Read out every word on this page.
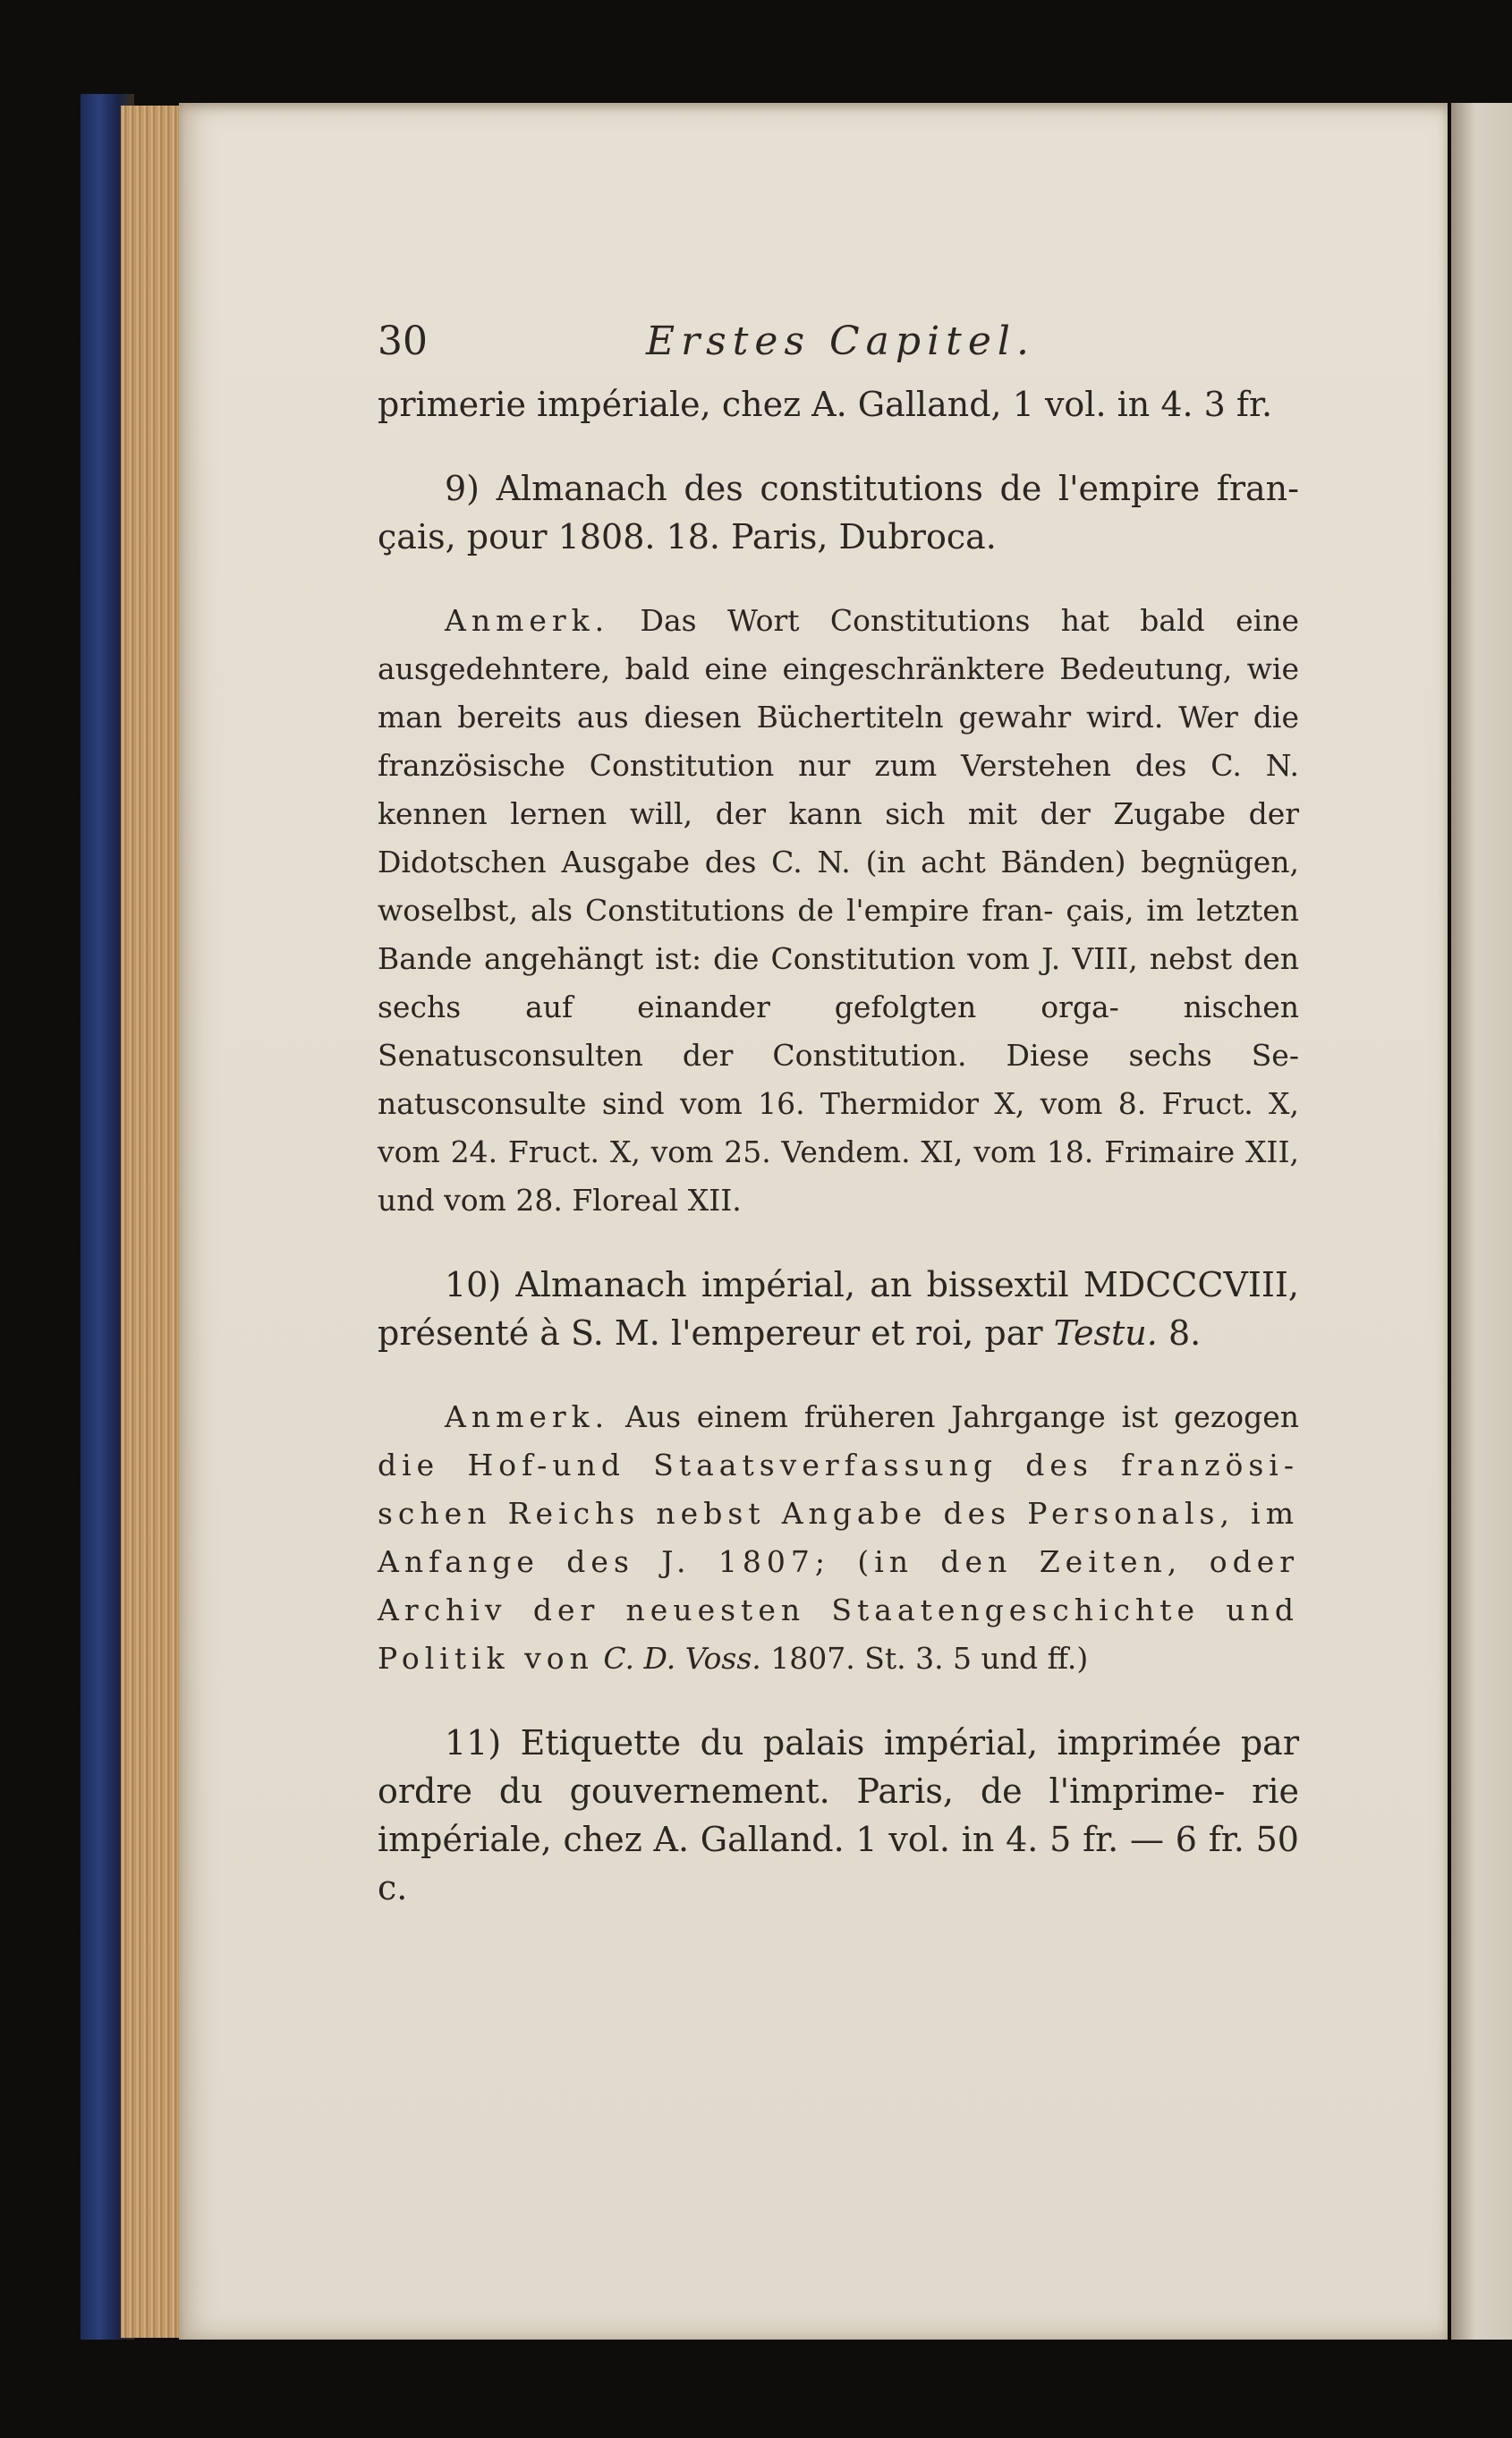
30	Erstes Capitel.

primerie impériale, chez A. Galland, 1 vol. in 4. 3 fr.

9) Almanach des constitutions de l'empire fran- çais, pour 1808. 18. Paris, Dubroca.

Anmerk. Das Wort Constitutions hat bald eine ausgedehntere, bald eine eingeschränktere Bedeutung, wie man bereits aus diesen Büchertiteln gewahr wird. Wer die französische Constitution nur zum Verstehen des C. N. kennen lernen will, der kann sich mit der Zugabe der Didotschen Ausgabe des C. N. (in acht Bänden) begnügen, woselbst, als Constitutions de l'empire fran- çais, im letzten Bande angehängt ist: die Constitution vom J. VIII, nebst den sechs auf einander gefolgten orga- nischen Senatusconsulten der Constitution. Diese sechs Se- natusconsulte sind vom 16. Thermidor X, vom 8. Fruct. X, vom 24. Fruct. X, vom 25. Vendem. XI, vom 18. Frimaire XII, und vom 28. Floreal XII.

10) Almanach impérial, an bissextil MDCCCVIII, présenté à S. M. l'empereur et roi, par Testu. 8.

Anmerk. Aus einem früheren Jahrgange ist gezogen die Hof-und Staatsverfassung des französi- schen Reichs nebst Angabe des Personals, im Anfange des J. 1807; (in den Zeiten, oder Archiv der neuesten Staatengeschichte und Politik von C. D. Voss. 1807. St. 3. 5 und ff.)

11) Etiquette du palais impérial, imprimée par ordre du gouvernement. Paris, de l'imprime- rie impériale, chez A. Galland. 1 vol. in 4. 5 fr. — 6 fr. 50 c.
